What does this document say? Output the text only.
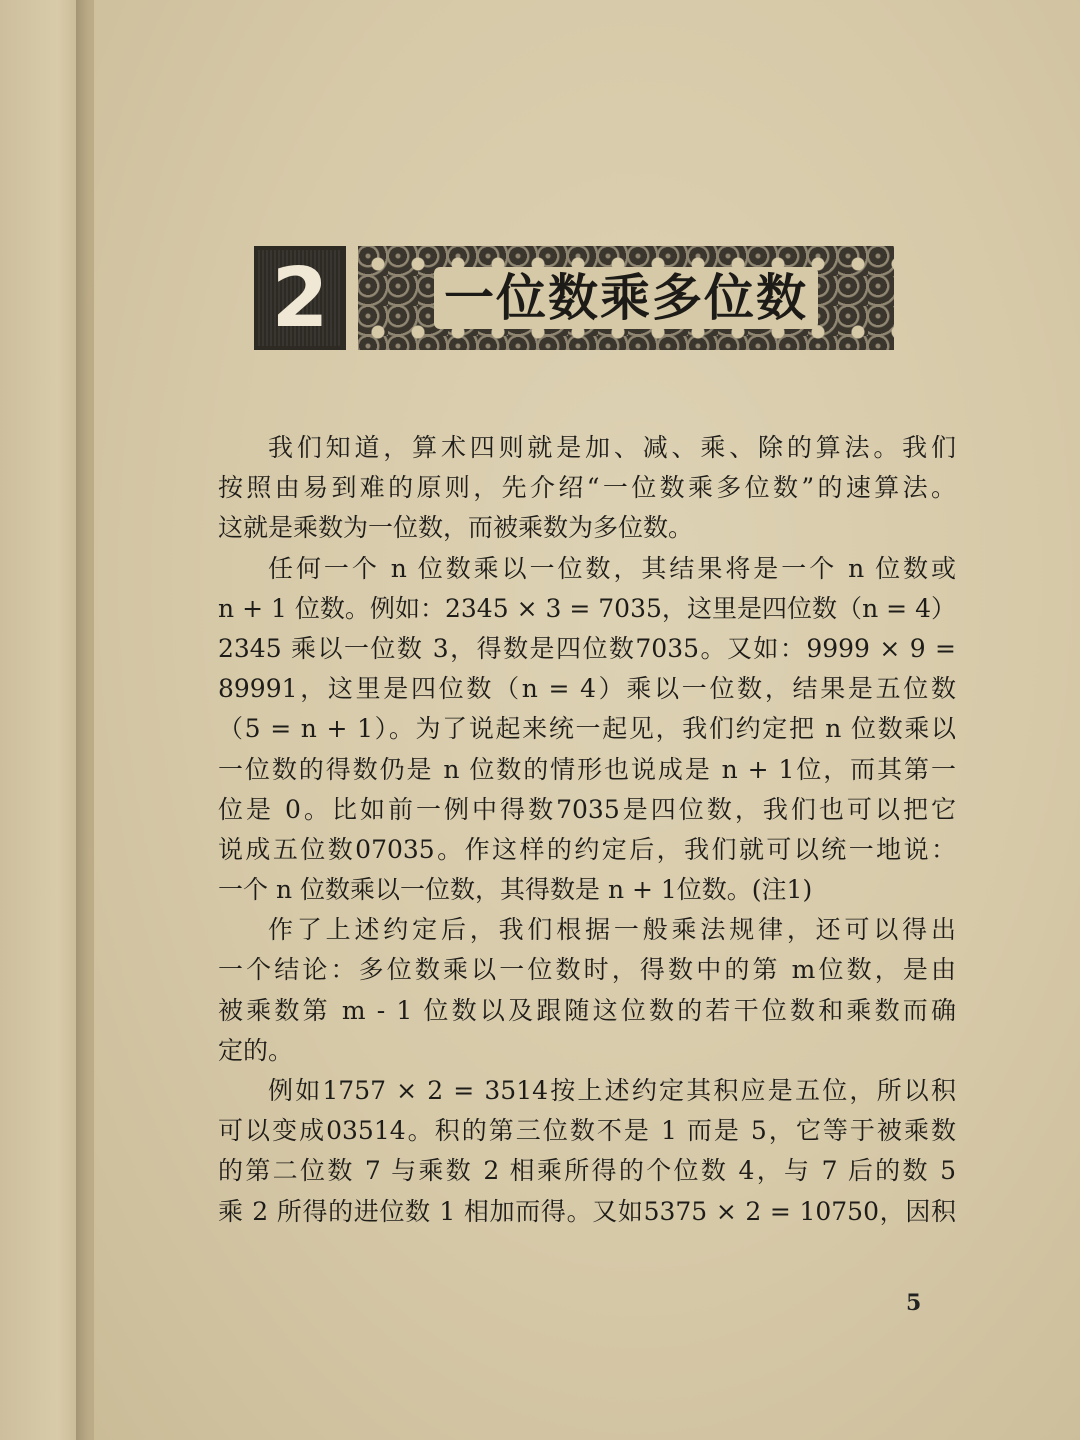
2	一位数乘多位数
我们知道，算术四则就是加、减、乘、除的算法。我们
按照由易到难的原则，先介绍“一位数乘多位数”的速算法。
这就是乘数为一位数，而被乘数为多位数。
任何一个 n 位数乘以一位数，其结果将是一个 n 位数或
n + 1 位数。例如：2345 × 3 = 7035，这里是四位数（n = 4）
2345 乘以一位数 3，得数是四位数7035。又如：9999 × 9 =
89991，这里是四位数（n = 4）乘以一位数，结果是五位数
（5 = n + 1）。为了说起来统一起见，我们约定把 n 位数乘以
一位数的得数仍是 n 位数的情形也说成是 n + 1位，而其第一
位是 0。比如前一例中得数7035是四位数，我们也可以把它
说成五位数07035。作这样的约定后，我们就可以统一地说：
一个 n 位数乘以一位数，其得数是 n + 1位数。(注1)
作了上述约定后，我们根据一般乘法规律，还可以得出
一个结论：多位数乘以一位数时，得数中的第 m位数，是由
被乘数第 m - 1 位数以及跟随这位数的若干位数和乘数而确
定的。
例如1757 × 2 = 3514按上述约定其积应是五位，所以积
可以变成03514。积的第三位数不是 1 而是 5，它等于被乘数
的第二位数 7 与乘数 2 相乘所得的个位数 4，与 7 后的数 5
乘 2 所得的进位数 1 相加而得。又如5375 × 2 = 10750，因积
5
